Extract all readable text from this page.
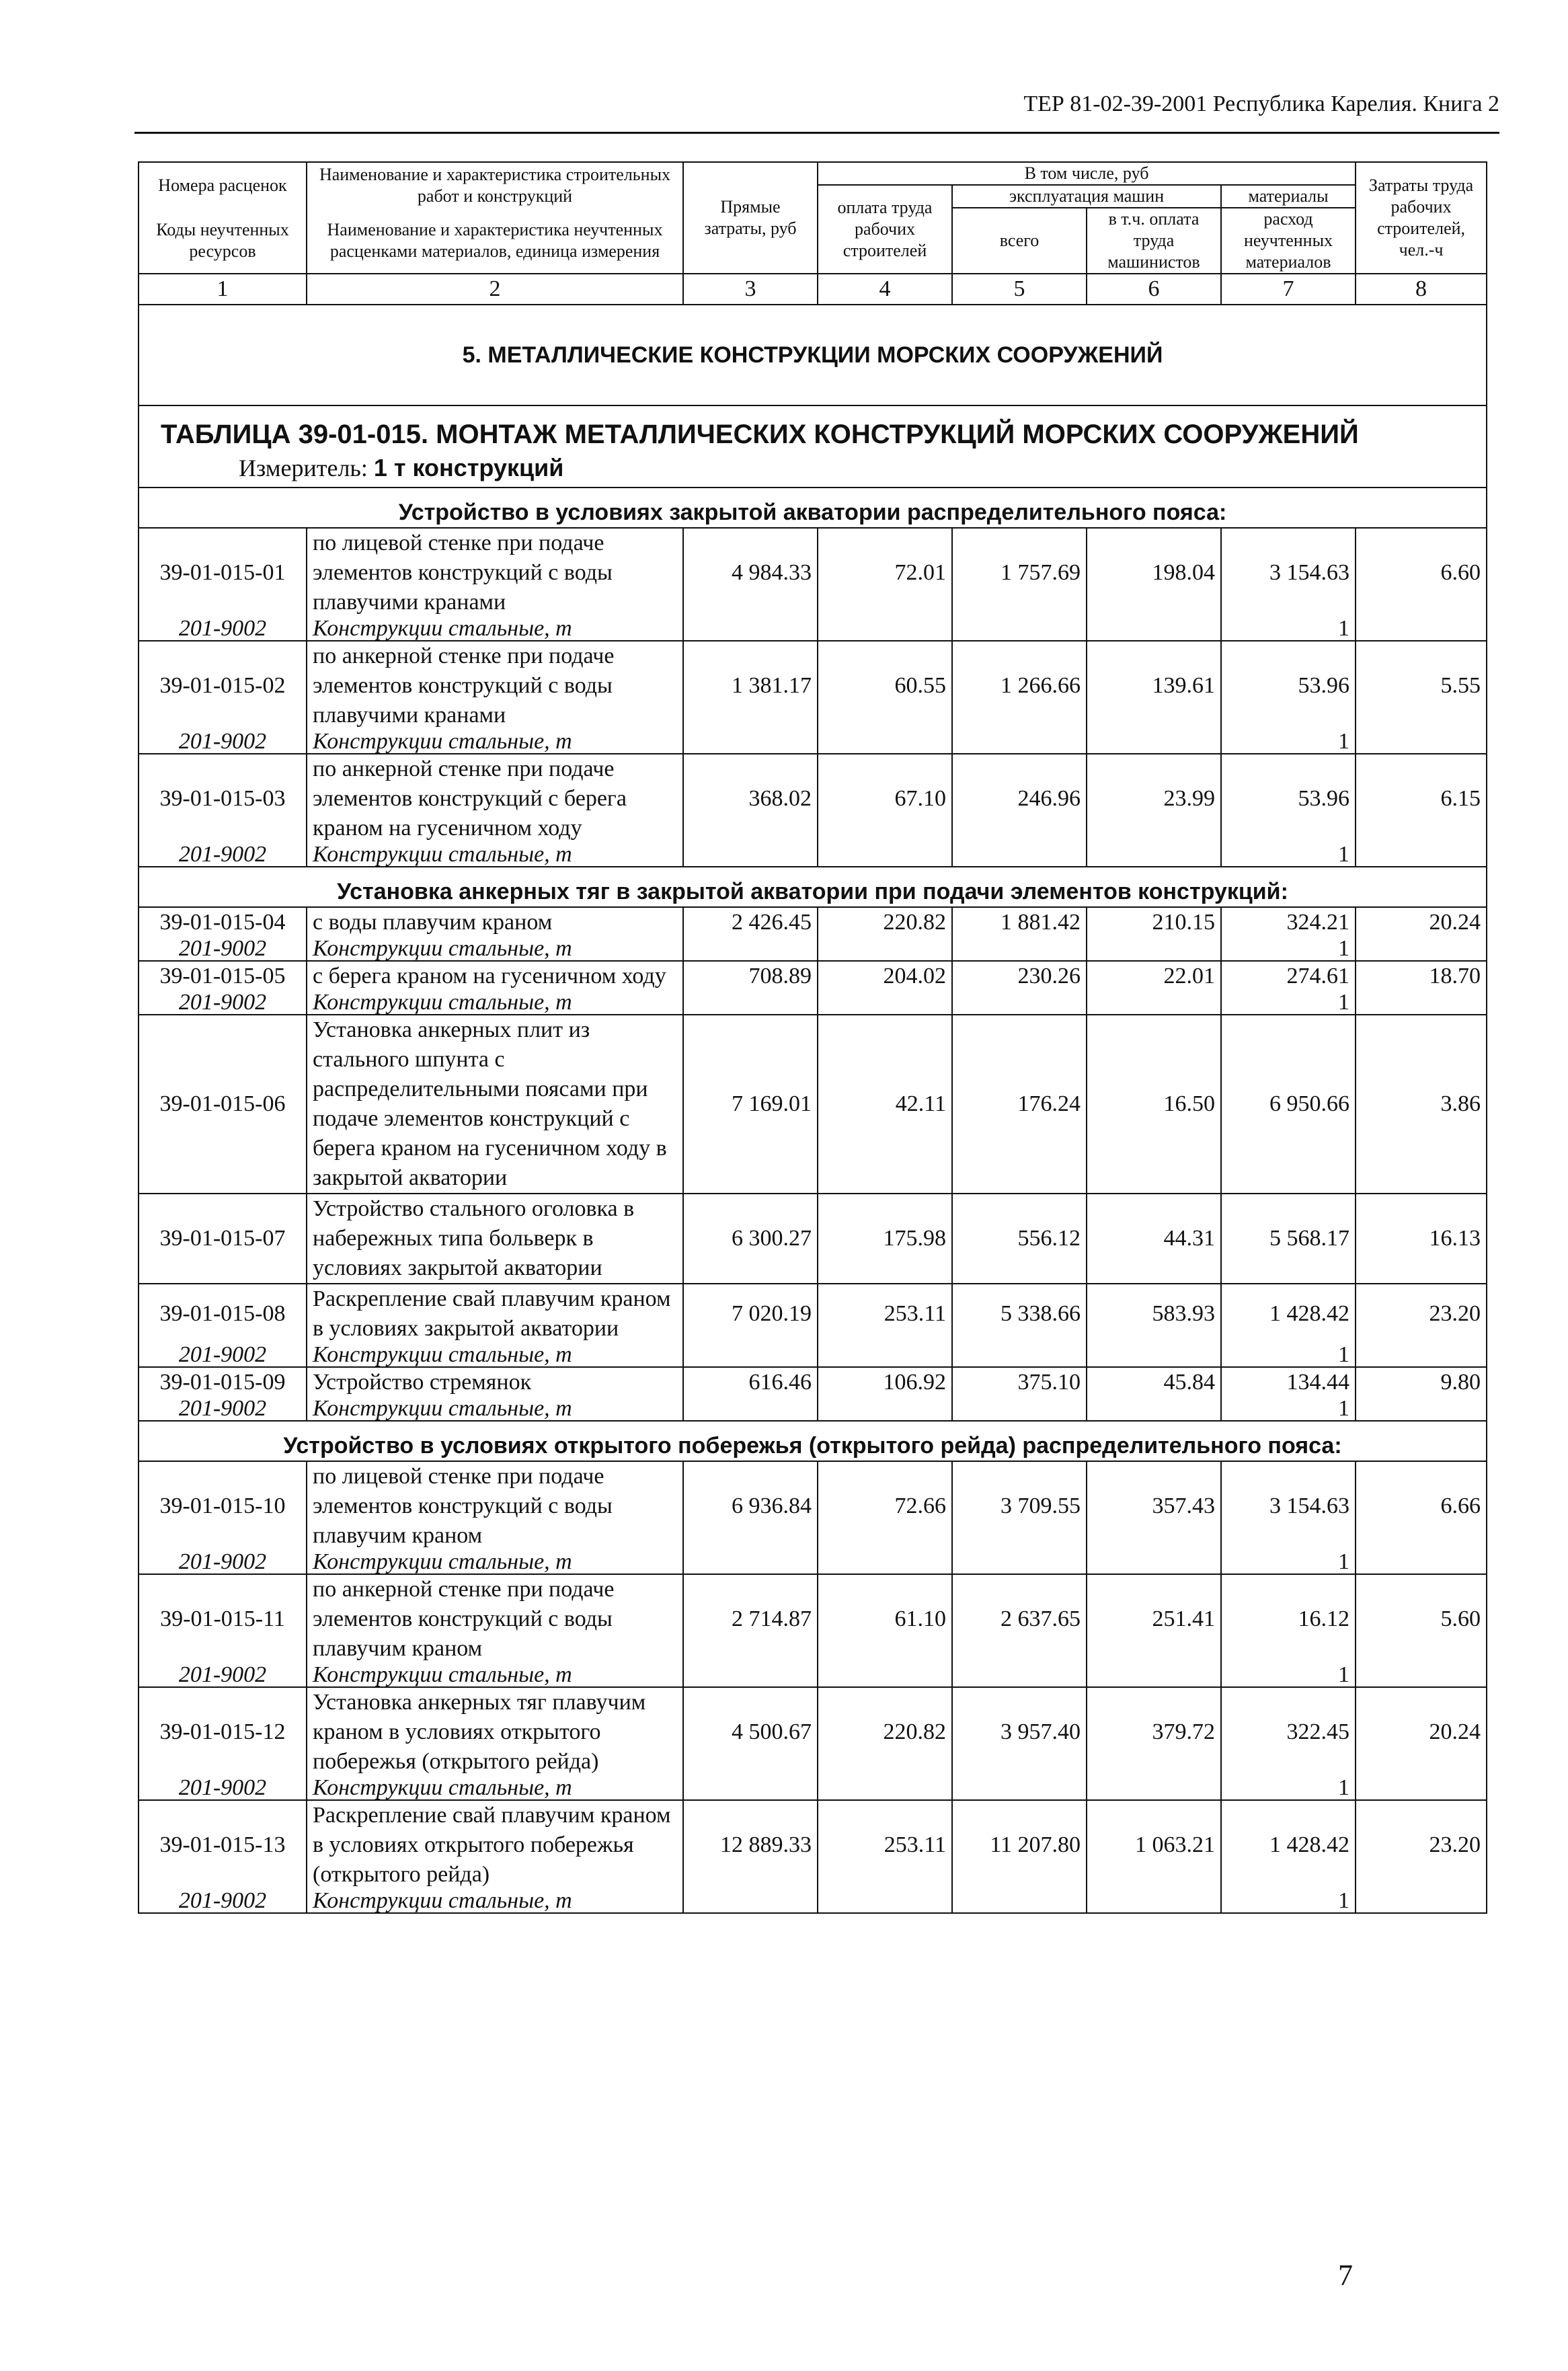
ТЕР 81-02-39-2001 Республика Карелия. Книга 2
Номера расценок	Наименование и характеристика строительных работ и конструкций	Прямые затраты, руб	В том числе, руб				Затраты труда рабочих строителей, чел.-ч
			оплата труда рабочих строителей	эксплуатация машин		материалы	
Коды неучтенных ресурсов	Наименование и характеристика неучтенных расценками материалов, единица измерения			всего	в т.ч. оплата труда машинистов	расход неучтенных материалов	

1	2	3	4	5	6	7	8
5. МЕТАЛЛИЧЕСКИЕ КОНСТРУКЦИИ МОРСКИХ СООРУЖЕНИЙ							

ТАБЛИЦА 39-01-015. МОНТАЖ МЕТАЛЛИЧЕСКИХ КОНСТРУКЦИЙ МОРСКИХ СООРУЖЕНИЙ
Измеритель: 1 т конструкций							

Устройство в условиях закрытой акватории распределительного пояса:							
39-01-015-01	по лицевой стенке при подаче элементов конструкций с воды плавучими кранами	4 984.33	72.01	1 757.69	198.04	3 154.63	6.60
201-9002	Конструкции стальные, т					1	
39-01-015-02	по анкерной стенке при подаче элементов конструкций с воды плавучими кранами	1 381.17	60.55	1 266.66	139.61	53.96	5.55
201-9002	Конструкции стальные, т					1	
39-01-015-03	по анкерной стенке при подаче элементов конструкций с берега краном на гусеничном ходу	368.02	67.10	246.96	23.99	53.96	6.15
201-9002	Конструкции стальные, т					1	
Установка анкерных тяг в закрытой акватории при подачи элементов конструкций:							
39-01-015-04	с воды плавучим краном	2 426.45	220.82	1 881.42	210.15	324.21	20.24
201-9002	Конструкции стальные, т					1	
39-01-015-05	с берега краном на гусеничном ходу	708.89	204.02	230.26	22.01	274.61	18.70
201-9002	Конструкции стальные, т					1	
39-01-015-06	Установка анкерных плит из стального шпунта с распределительными поясами при подаче элементов конструкций с берега краном на гусеничном ходу в закрытой акватории	7 169.01	42.11	176.24	16.50	6 950.66	3.86
39-01-015-07	Устройство стального оголовка в набережных типа больверк в условиях закрытой акватории	6 300.27	175.98	556.12	44.31	5 568.17	16.13
39-01-015-08	Раскрепление свай плавучим краном в условиях закрытой акватории	7 020.19	253.11	5 338.66	583.93	1 428.42	23.20
201-9002	Конструкции стальные, т					1	
39-01-015-09	Устройство стремянок	616.46	106.92	375.10	45.84	134.44	9.80
201-9002	Конструкции стальные, т					1	
Устройство в условиях открытого побережья (открытого рейда) распределительного пояса:							
39-01-015-10	по лицевой стенке при подаче элементов конструкций с воды плавучим краном	6 936.84	72.66	3 709.55	357.43	3 154.63	6.66
201-9002	Конструкции стальные, т					1	
39-01-015-11	по анкерной стенке при подаче элементов конструкций с воды плавучим краном	2 714.87	61.10	2 637.65	251.41	16.12	5.60
201-9002	Конструкции стальные, т					1	
39-01-015-12	Установка анкерных тяг плавучим краном в условиях открытого побережья (открытого рейда)	4 500.67	220.82	3 957.40	379.72	322.45	20.24
201-9002	Конструкции стальные, т					1	
39-01-015-13	Раскрепление свай плавучим краном в условиях открытого побережья (открытого рейда)	12 889.33	253.11	11 207.80	1 063.21	1 428.42	23.20
201-9002	Конструкции стальные, т					1	
7
